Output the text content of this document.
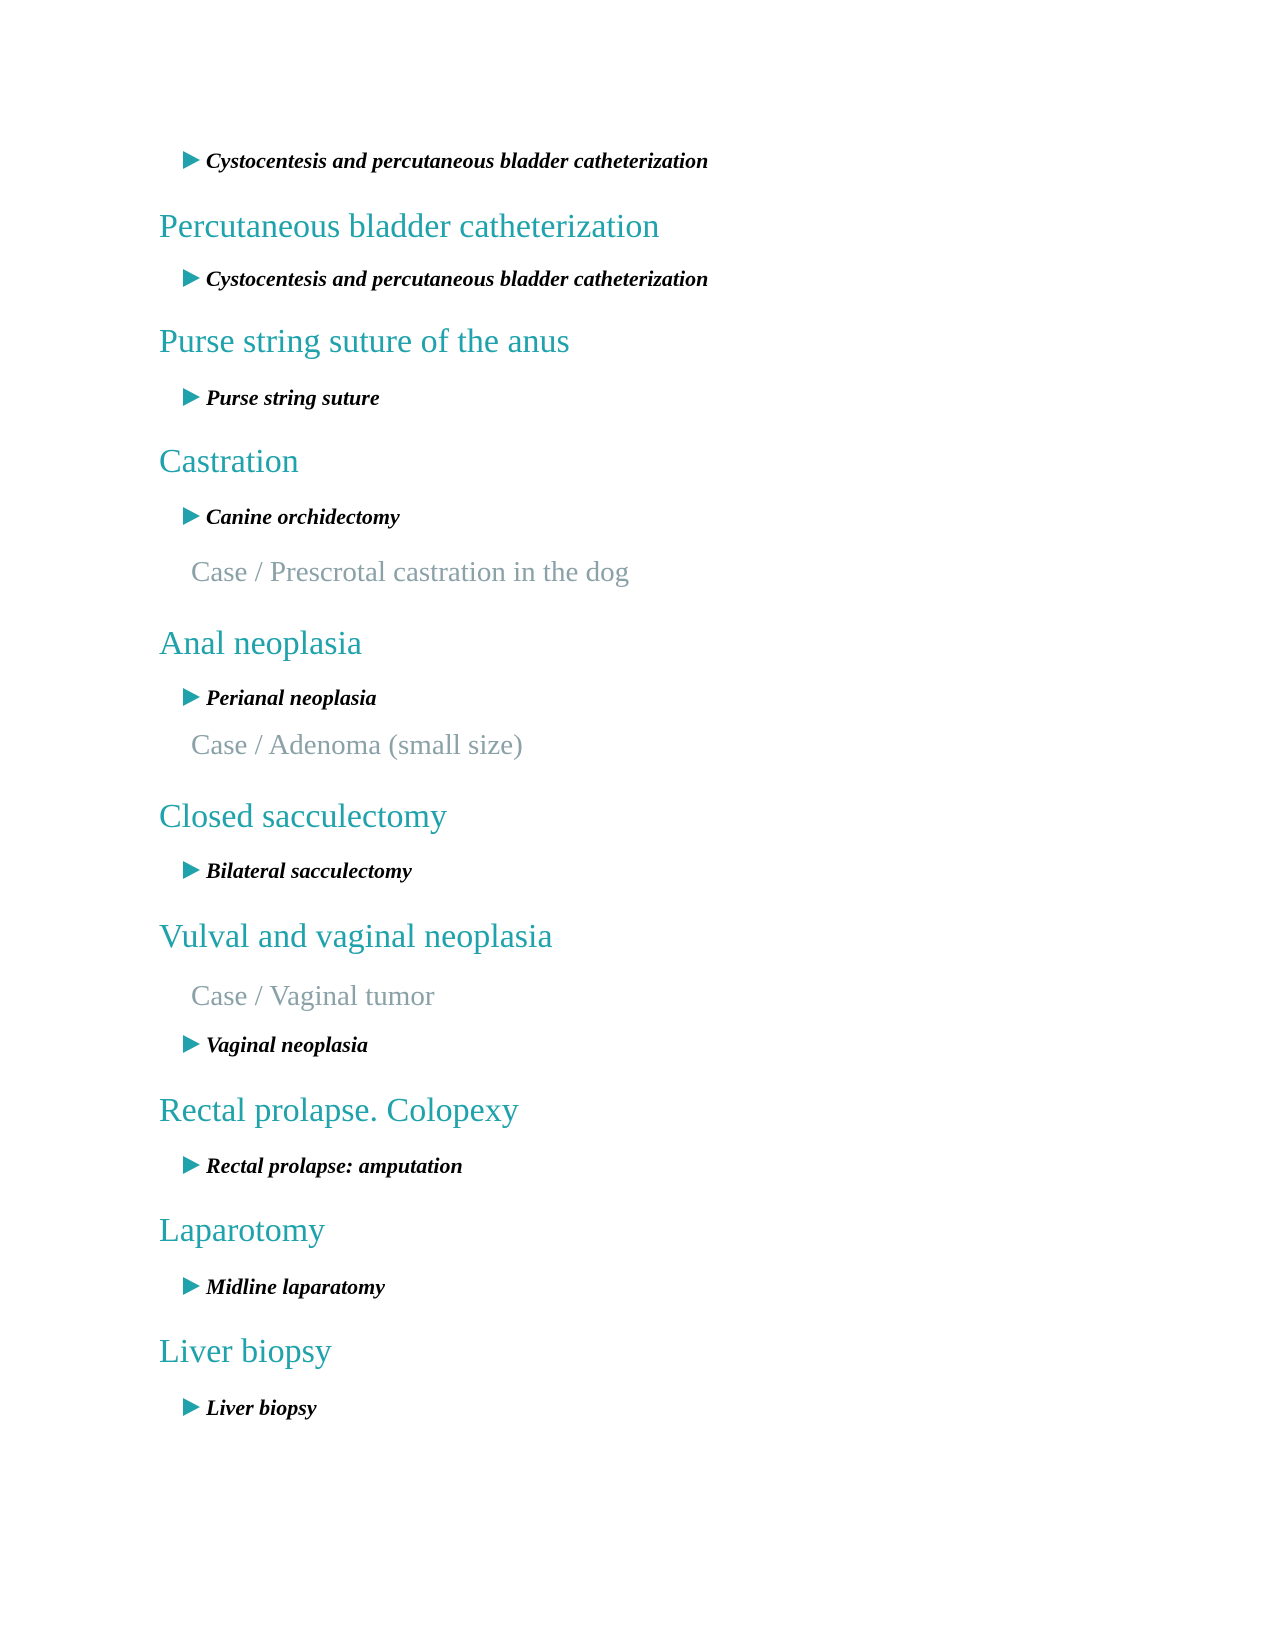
Cystocentesis and percutaneous bladder catheterization
Percutaneous bladder catheterization
Cystocentesis and percutaneous bladder catheterization
Purse string suture of the anus
Purse string suture
Castration
Canine orchidectomy
Case / Prescrotal castration in the dog
Anal neoplasia
Perianal neoplasia
Case / Adenoma (small size)
Closed sacculectomy
Bilateral sacculectomy
Vulval and vaginal neoplasia
Case / Vaginal tumor
Vaginal neoplasia
Rectal prolapse. Colopexy
Rectal prolapse: amputation
Laparotomy
Midline laparatomy
Liver biopsy
Liver biopsy
